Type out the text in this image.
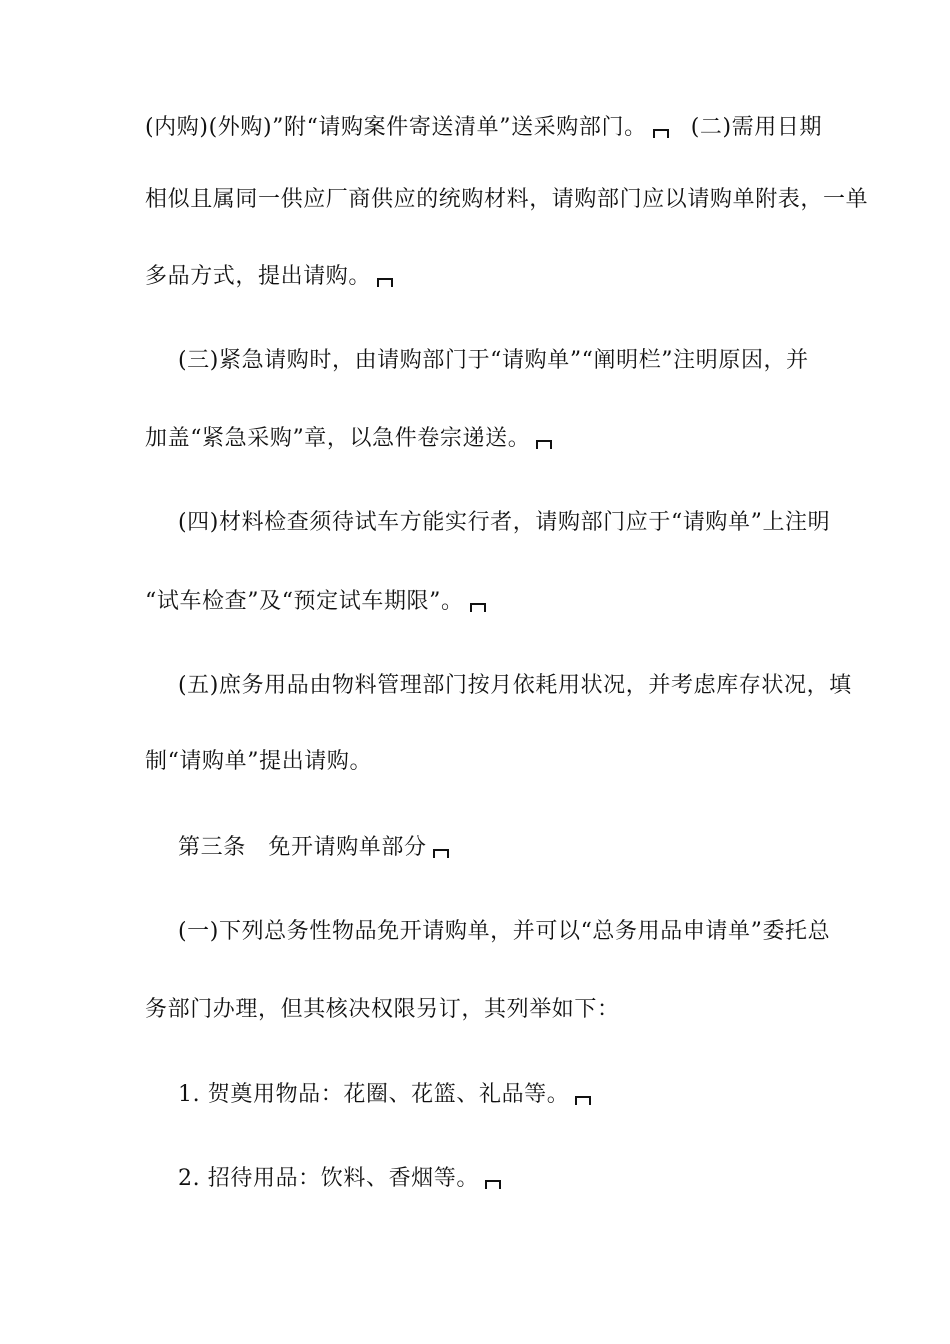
(内购)(外购)”附“请购案件寄送清单”送采购部门。 (二)需用日期
相似且属同一供应厂商供应的统购材料，请购部门应以请购单附表，一单
多品方式，提出请购。
(三)紧急请购时，由请购部门于“请购单”“阐明栏”注明原因，并
加盖“紧急采购”章，以急件卷宗递送。
(四)材料检查须待试车方能实行者，请购部门应于“请购单”上注明
“试车检查”及“预定试车期限”。
(五)庶务用品由物料管理部门按月依耗用状况，并考虑库存状况，填
制“请购单”提出请购。
第三条　免开请购单部分
(一)下列总务性物品免开请购单，并可以“总务用品申请单”委托总
务部门办理，但其核决权限另订，其列举如下：
1. 贺奠用物品：花圈、花篮、礼品等。
2. 招待用品：饮料、香烟等。
